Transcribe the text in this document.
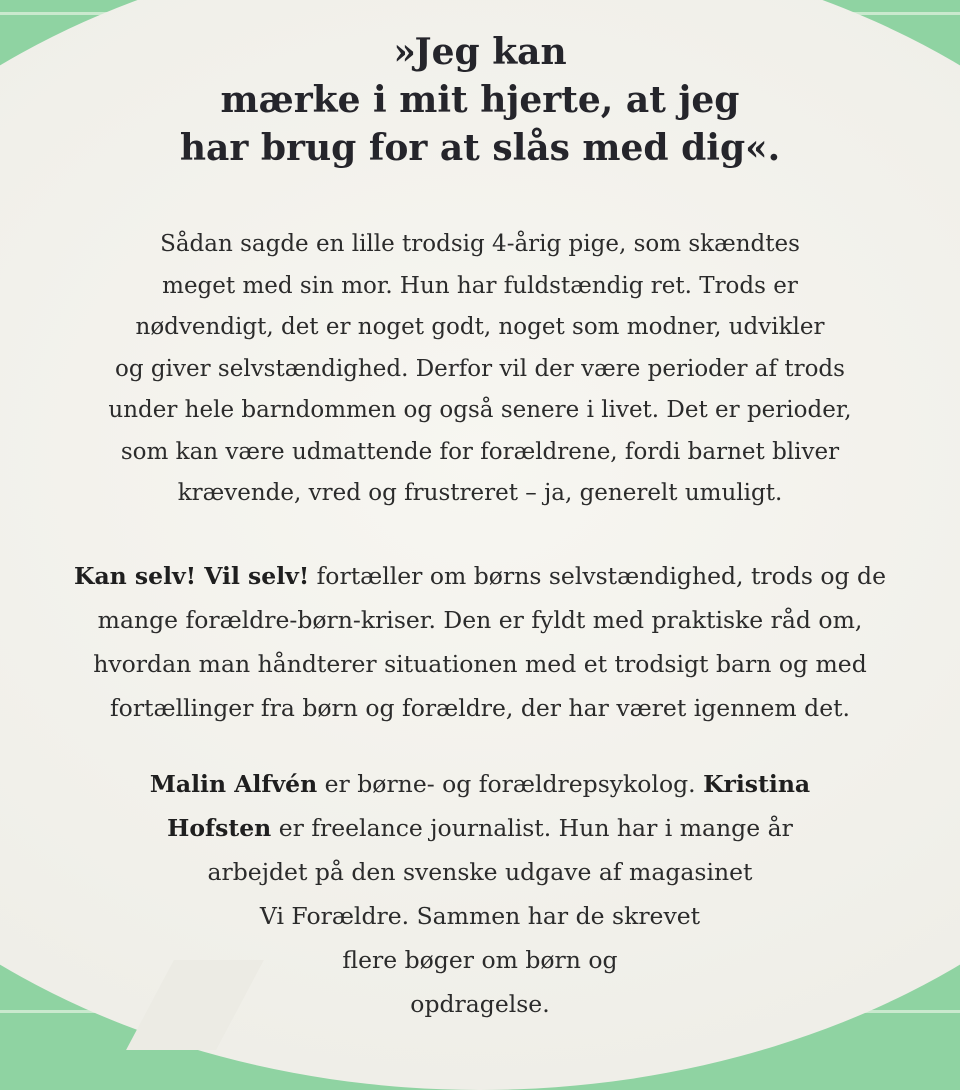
»Jeg kan
mærke i mit hjerte, at jeg
har brug for at slås med dig«.

Sådan sagde en lille trodsig 4-årig pige, som skændtes
meget med sin mor. Hun har fuldstændig ret. Trods er
nødvendigt, det er noget godt, noget som modner, udvikler
og giver selvstændighed. Derfor vil der være perioder af trods
under hele barndommen og også senere i livet. Det er perioder,
som kan være udmattende for forældrene, fordi barnet bliver
krævende, vred og frustreret – ja, generelt umuligt.

Kan selv! Vil selv! fortæller om børns selvstændighed, trods og de
mange forældre-børn-kriser. Den er fyldt med praktiske råd om,
hvordan man håndterer situationen med et trodsigt barn og med
fortællinger fra børn og forældre, der har været igennem det.

Malin Alfvén er børne- og forældrepsykolog. Kristina
Hofsten er freelance journalist. Hun har i mange år
arbejdet på den svenske udgave af magasinet
Vi Forældre. Sammen har de skrevet
flere bøger om børn og
opdragelse.
